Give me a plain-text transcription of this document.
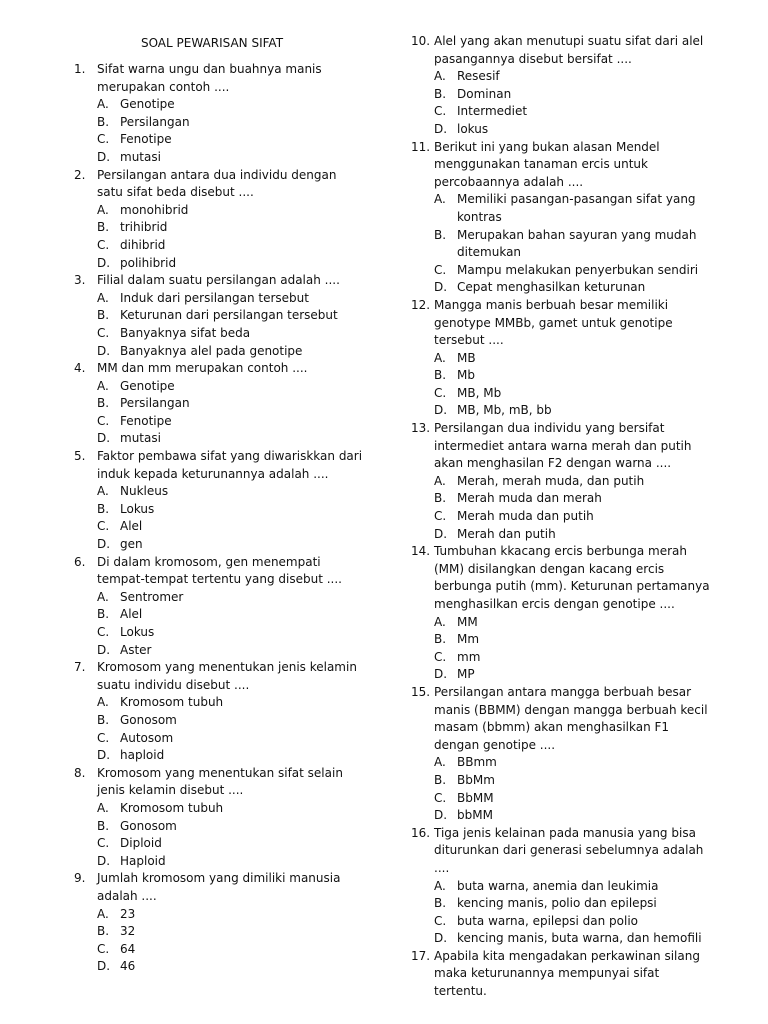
SOAL PEWARISAN SIFAT
1. Sifat warna ungu dan buahnya manis merupakan contoh ....
A. Genotipe
B. Persilangan
C. Fenotipe
D. mutasi
2. Persilangan antara dua individu dengan satu sifat beda disebut ....
A. monohibrid
B. trihibrid
C. dihibrid
D. polihibrid
3. Filial dalam suatu persilangan adalah ....
A. Induk dari persilangan tersebut
B. Keturunan dari persilangan tersebut
C. Banyaknya sifat beda
D. Banyaknya alel pada genotipe
4. MM dan mm merupakan contoh ....
A. Genotipe
B. Persilangan
C. Fenotipe
D. mutasi
5. Faktor pembawa sifat yang diwariskkan dari induk kepada keturunannya adalah ....
A. Nukleus
B. Lokus
C. Alel
D. gen
6. Di dalam kromosom, gen menempati tempat-tempat tertentu yang disebut ....
A. Sentromer
B. Alel
C. Lokus
D. Aster
7. Kromosom yang menentukan jenis kelamin suatu individu disebut ....
A. Kromosom tubuh
B. Gonosom
C. Autosom
D. haploid
8. Kromosom yang menentukan sifat selain jenis kelamin disebut ....
A. Kromosom tubuh
B. Gonosom
C. Diploid
D. Haploid
9. Jumlah kromosom yang dimiliki manusia adalah ....
A. 23
B. 32
C. 64
D. 46
10. Alel yang akan menutupi suatu sifat dari alel pasangannya disebut bersifat ....
A. Resesif
B. Dominan
C. Intermediet
D. lokus
11. Berikut ini yang bukan alasan Mendel menggunakan tanaman ercis untuk percobaannya adalah ....
A. Memiliki pasangan-pasangan sifat yang kontras
B. Merupakan bahan sayuran yang mudah ditemukan
C. Mampu melakukan penyerbukan sendiri
D. Cepat menghasilkan keturunan
12. Mangga manis berbuah besar memiliki genotype MMBb, gamet untuk genotipe tersebut ....
A. MB
B. Mb
C. MB, Mb
D. MB, Mb, mB, bb
13. Persilangan dua individu yang bersifat intermediet antara warna merah dan putih akan menghasilan F2 dengan warna ....
A. Merah, merah muda, dan putih
B. Merah muda dan merah
C. Merah muda dan putih
D. Merah dan putih
14. Tumbuhan kkacang ercis berbunga merah (MM) disilangkan dengan kacang ercis berbunga putih (mm). Keturunan pertamanya menghasilkan ercis dengan genotipe ....
A. MM
B. Mm
C. mm
D. MP
15. Persilangan antara mangga berbuah besar manis (BBMM) dengan mangga berbuah kecil masam (bbmm) akan menghasilkan F1 dengan genotipe ....
A. BBmm
B. BbMm
C. BbMM
D. bbMM
16. Tiga jenis kelainan pada manusia yang bisa diturunkan dari generasi sebelumnya adalah ....
A. buta warna, anemia dan leukimia
B. kencing manis, polio dan epilepsi
C. buta warna, epilepsi dan polio
D. kencing manis, buta warna, dan hemofili
17. Apabila kita mengadakan perkawinan silang maka keturunannya mempunyai sifat tertentu.
